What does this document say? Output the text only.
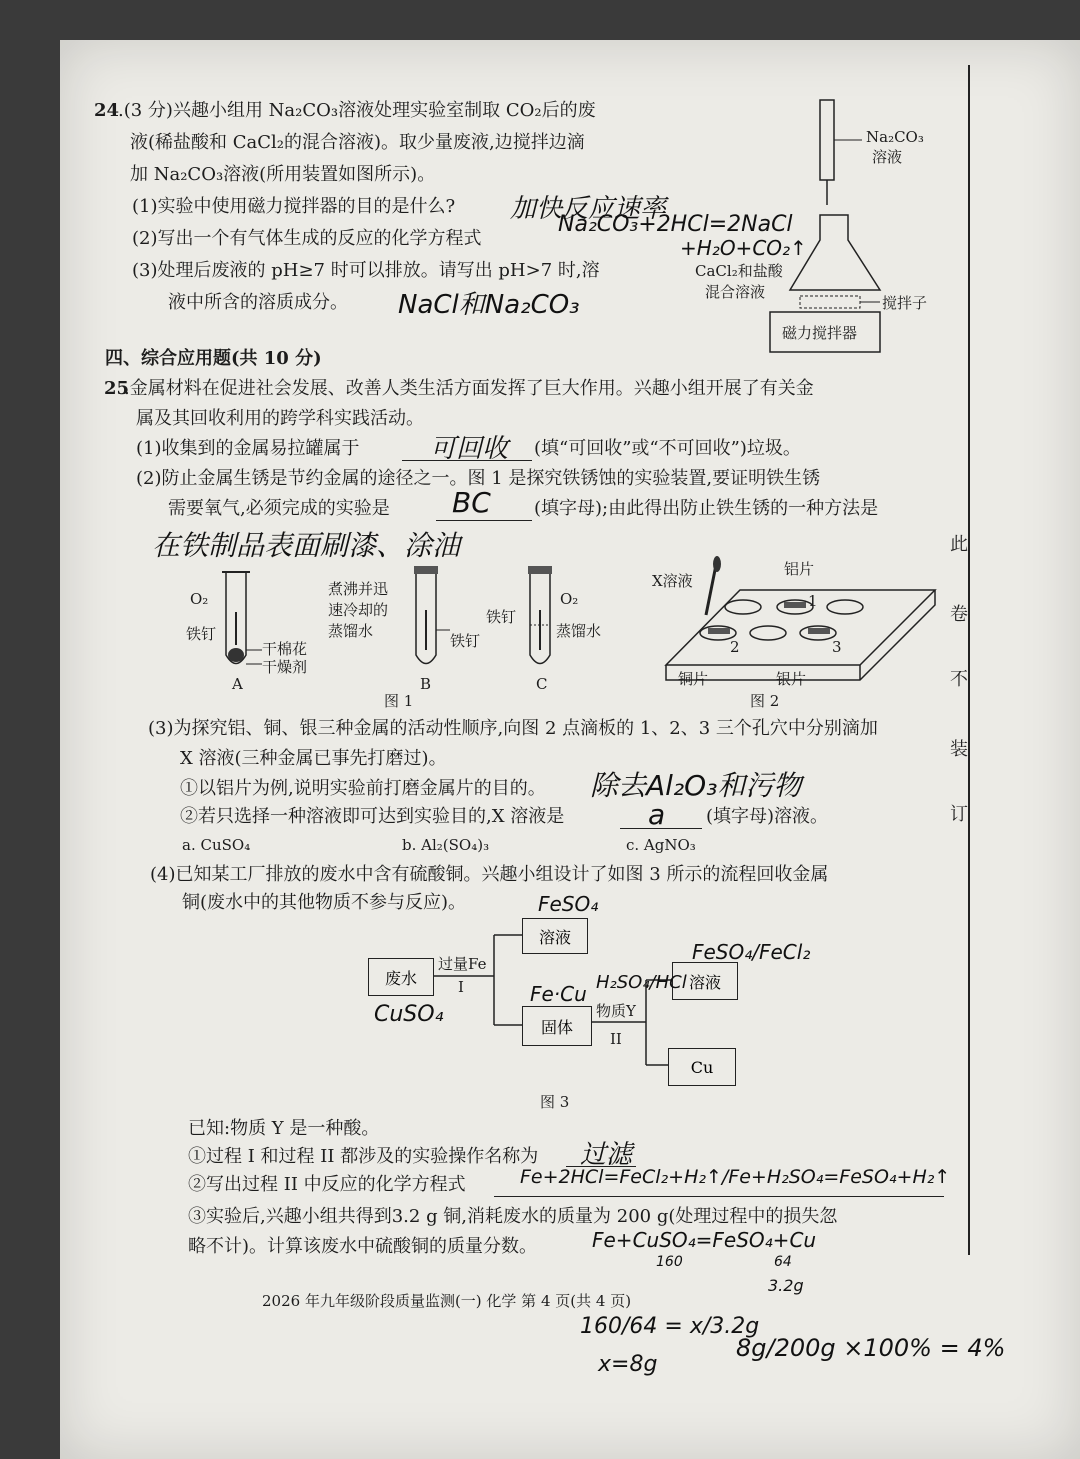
此
卷
不
装
订
24
.(3 分)兴趣小组用 Na₂CO₃溶液处理实验室制取 CO₂后的废
液(稀盐酸和 CaCl₂的混合溶液)。取少量废液,边搅拌边滴
加 Na₂CO₃溶液(所用装置如图所示)。
(1)实验中使用磁力搅拌器的目的是什么? 加快反应速率
(2)写出一个有气体生成的反应的化学方程式
Na₂CO₃+2HCl=2NaCl
+H₂O+CO₂↑
(3)处理后废液的 pH≥7 时可以排放。请写出 pH>7 时,溶
液中所含的溶质成分。 NaCl和Na₂CO₃
Na₂CO₃
溶液
CaCl₂和盐酸
混合溶液
搅拌子
磁力搅拌器
四、综合应用题(共 10 分)
25
.金属材料在促进社会发展、改善人类生活方面发挥了巨大作用。兴趣小组开展了有关金
属及其回收利用的跨学科实践活动。
(1)收集到的金属易拉罐属于	可回收 (填“可回收”或“不可回收”)垃圾。
(2)防止金属生锈是节约金属的途径之一。图 1 是探究铁锈蚀的实验装置,要证明铁生锈
需要氧气,必须完成的实验是 BC (填字母);由此得出防止铁生锈的一种方法是
在铁制品表面刷漆、涂油
O₂
铁钉
干棉花
干燥剂
A
煮沸并迅
速冷却的
蒸馏水
铁钉
B
铁钉
O₂
蒸馏水
C
图 1
X溶液
铝片
1
2	3
铜片	银片
图 2
(3)为探究铝、铜、银三种金属的活动性顺序,向图 2 点滴板的 1、2、3 三个孔穴中分别滴加
X 溶液(三种金属已事先打磨过)。
①以铝片为例,说明实验前打磨金属片的目的。 除去Al₂O₃和污物
②若只选择一种溶液即可达到实验目的,X 溶液是	a (填字母)溶液。
a. CuSO₄	b. Al₂(SO₄)₃	c. AgNO₃
(4)已知某工厂排放的废水中含有硫酸铜。兴趣小组设计了如图 3 所示的流程回收金属
铜(废水中的其他物质不参与反应)。
废水
过量Fe
I
溶液
固体
物质Y
II
溶液
Cu
图 3
FeSO₄
CuSO₄
Fe·Cu H₂SO₄/HCl
FeSO₄/FeCl₂
已知:物质 Y 是一种酸。
①过程 I 和过程 II 都涉及的实验操作名称为 过滤
②写出过程 II 中反应的化学方程式	Fe+2HCl=FeCl₂+H₂↑/Fe+H₂SO₄=FeSO₄+H₂↑
③实验后,兴趣小组共得到3.2 g 铜,消耗废水的质量为 200 g(处理过程中的损失忽
略不计)。计算该废水中硫酸铜的质量分数。	Fe+CuSO₄=FeSO₄+Cu
160	64
3.2g
2026 年九年级阶段质量监测(一) 化学 第 4 页(共 4 页)
160/64 = x/3.2g
x=8g
8g/200g ×100% = 4%
